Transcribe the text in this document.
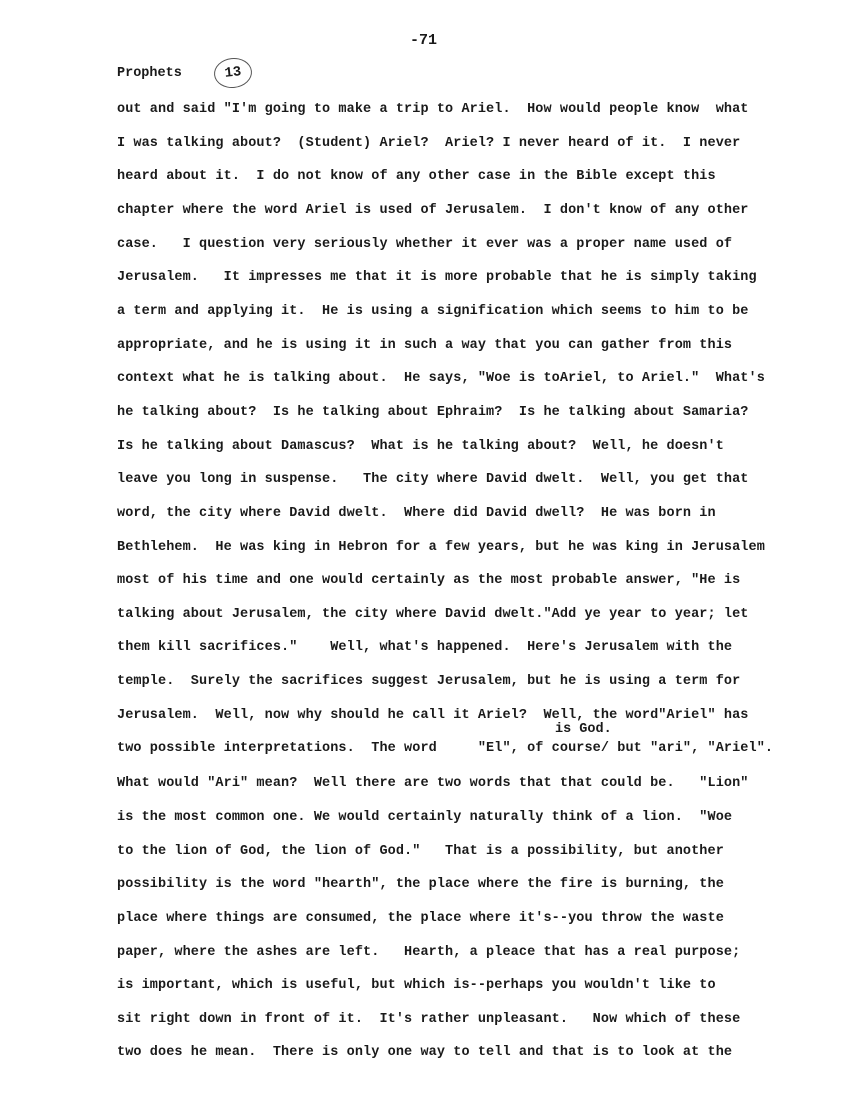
-71
Prophets	13
out and said "I'm going to make a trip to Ariel.  How would people know  what
I was talking about?  (Student) Ariel?  Ariel? I never heard of it.  I never
heard about it.  I do not know of any other case in the Bible except this
chapter where the word Ariel is used of Jerusalem.  I don't know of any other
case.   I question very seriously whether it ever was a proper name used of
Jerusalem.   It impresses me that it is more probable that he is simply taking
a term and applying it.  He is using a signification which seems to him to be
appropriate, and he is using it in such a way that you can gather from this
context what he is talking about.  He says, "Woe is toAriel, to Ariel."  What's
he talking about?  Is he talking about Ephraim?  Is he talking about Samaria?
Is he talking about Damascus?  What is he talking about?  Well, he doesn't
leave you long in suspense.   The city where David dwelt.  Well, you get that
word, the city where David dwelt.  Where did David dwell?  He was born in
Bethlehem.  He was king in Hebron for a few years, but he was king in Jerusalem
most of his time and one would certainly as the most probable answer, "He is
talking about Jerusalem, the city where David dwelt."Add ye year to year; let
them kill sacrifices."    Well, what's happened.  Here's Jerusalem with the
temple.  Surely the sacrifices suggest Jerusalem, but he is using a term for
Jerusalem.  Well, now why should he call it Ariel?  Well, the word"Ariel" has
two possible interpretations.  The word     "El", of course/ but "ari", "Ariel".
What would "Ari" mean?  Well there are two words that that could be.   "Lion"
is the most common one. We would certainly naturally think of a lion.  "Woe
to the lion of God, the lion of God."   That is a possibility, but another
possibility is the word "hearth", the place where the fire is burning, the
place where things are consumed, the place where it's--you throw the waste
paper, where the ashes are left.   Hearth, a pleace that has a real purpose;
is important, which is useful, but which is--perhaps you wouldn't like to
sit right down in front of it.  It's rather unpleasant.   Now which of these
two does he mean.  There is only one way to tell and that is to look at the
is God.
